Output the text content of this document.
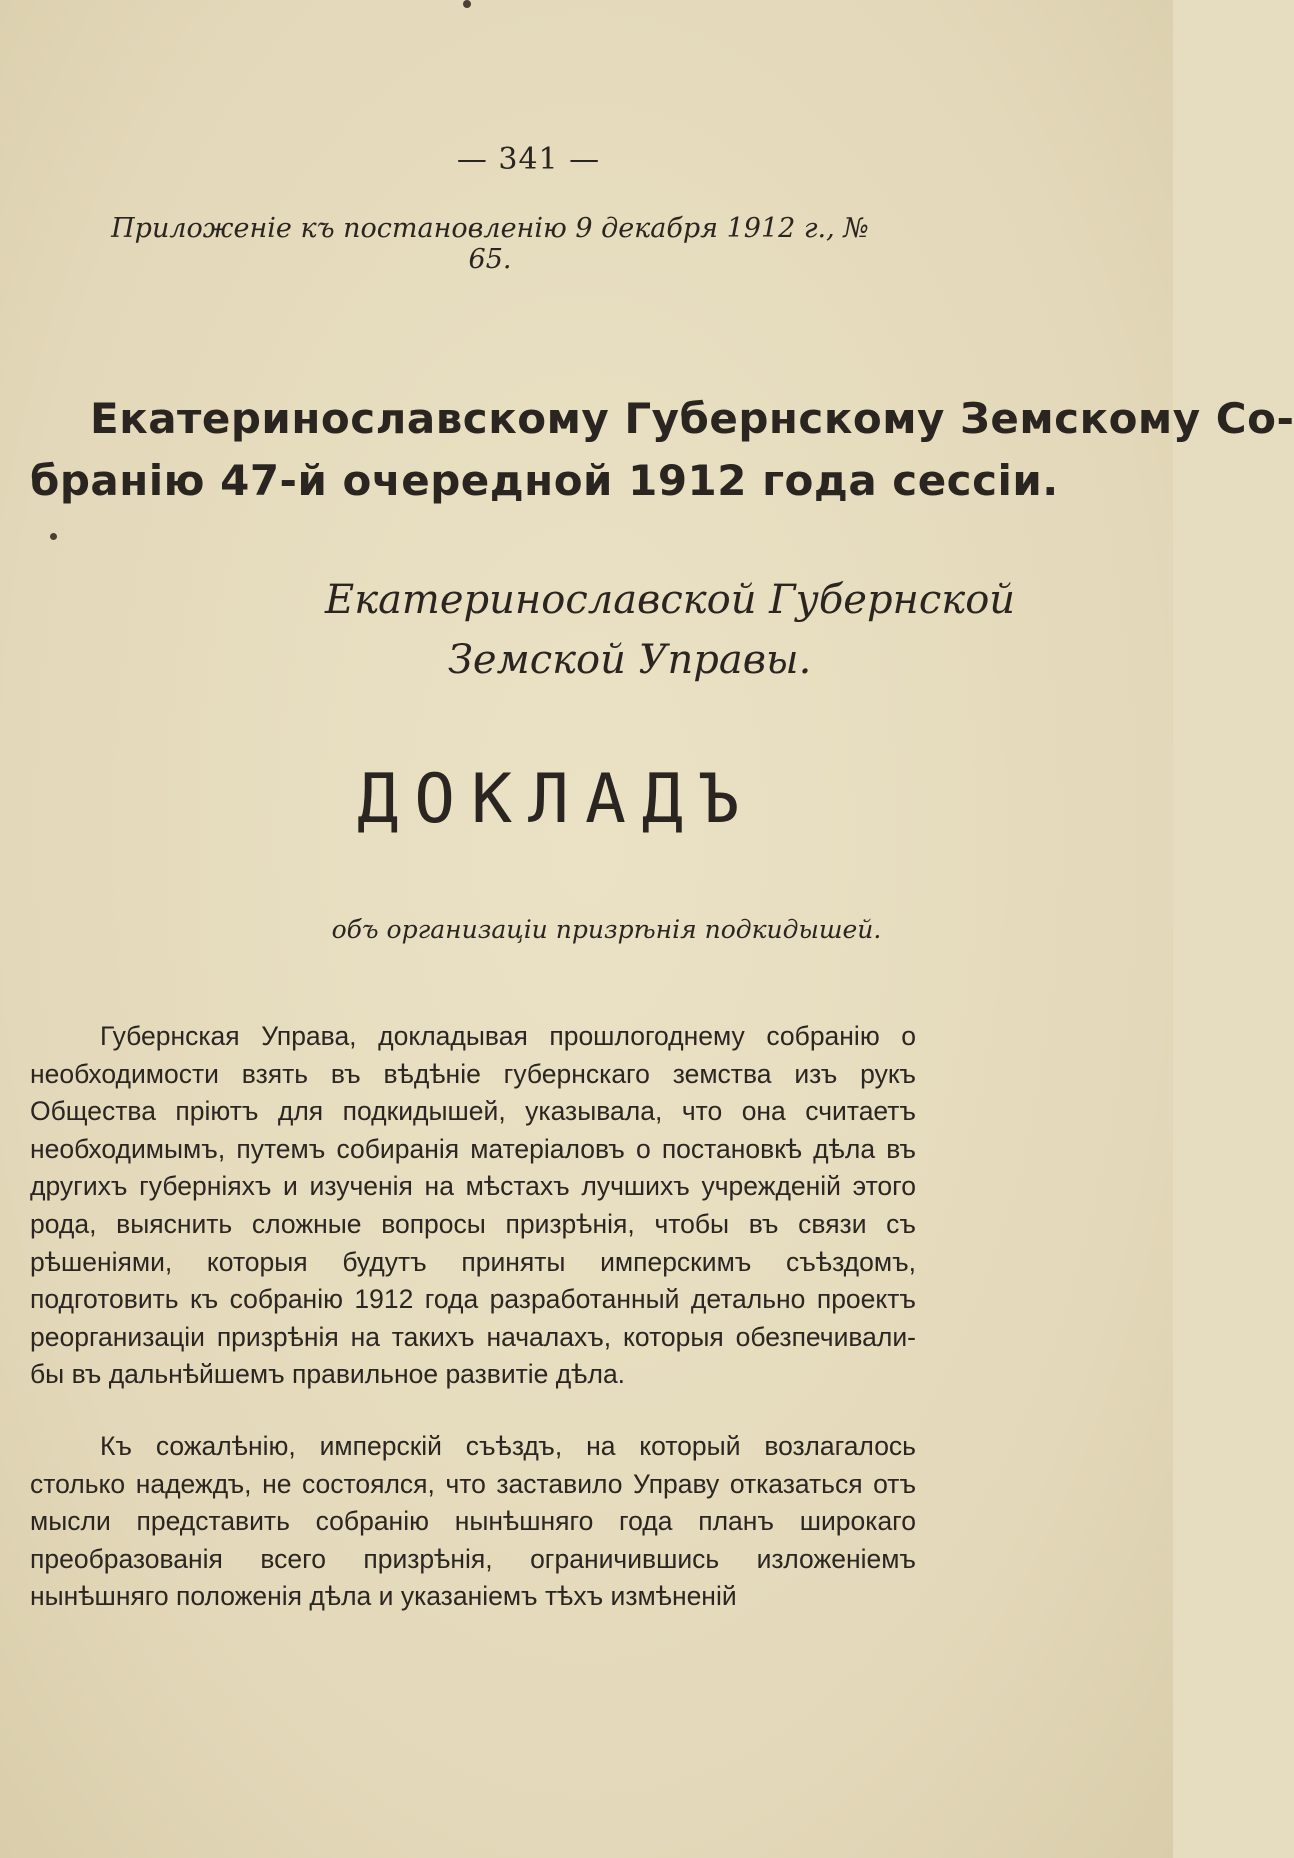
— 341 —
Приложеніе къ постановленію 9 декабря 1912 г., № 65.
Екатеринославскому Губернскому Земскому Со-
бранію 47-й очередной 1912 года сессіи.
Екатеринославской Губернской
Земской Управы.
ДОКЛАДЪ
объ организаціи призрѣнія подкидышей.

Губернская Управа, докладывая прошлогоднему собранію о необходимости взять въ вѣдѣніе губернскаго земства изъ рукъ Общества пріютъ для подкидышей, указывала, что она считаетъ необходимымъ, путемъ собиранія матеріаловъ о постановкѣ дѣла въ другихъ губерніяхъ и изученія на мѣстахъ лучшихъ учрежденій этого рода, выяснить сложные вопросы призрѣнія, чтобы въ связи съ рѣшеніями, которыя будутъ приняты имперскимъ съѣздомъ, подготовить къ собранію 1912 года разработанный детально проектъ реорганизаціи призрѣнія на такихъ началахъ, которыя обезпечивали-бы въ дальнѣйшемъ правильное развитіе дѣла.

Къ сожалѣнію, имперскій съѣздъ, на который возлагалось столько надеждъ, не состоялся, что заставило Управу отказаться отъ мысли представить собранію нынѣшняго года планъ широкаго преобразованія всего призрѣнія, ограничившись изложеніемъ нынѣшняго положенія дѣла и указаніемъ тѣхъ измѣненій
